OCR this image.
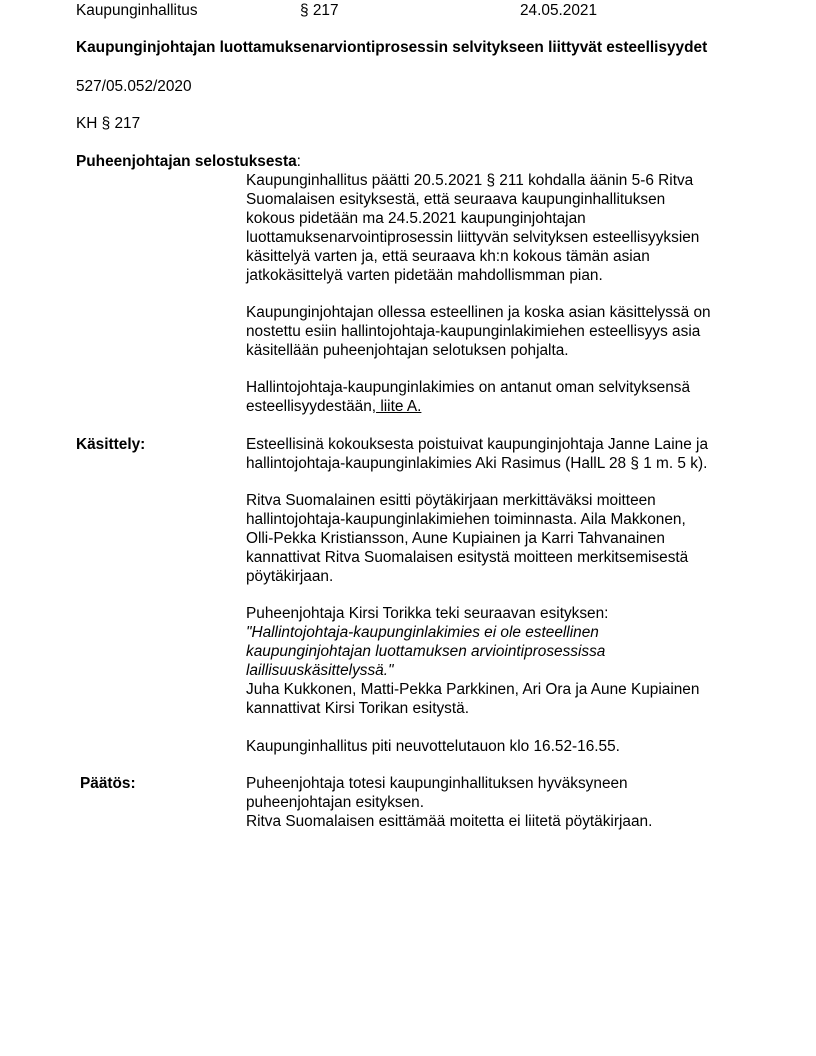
Kaupunginhallitus	§ 217	24.05.2021
Kaupunginjohtajan luottamuksenarviontiprosessin selvitykseen liittyvät esteellisyydet
527/05.052/2020
KH § 217
Puheenjohtajan selostuksesta:

Kaupunginhallitus päätti 20.5.2021 § 211 kohdalla äänin 5-6 Ritva

Suomalaisen esityksestä, että seuraava kaupunginhallituksen

kokous pidetään ma 24.5.2021 kaupunginjohtajan

luottamuksenarvointiprosessin liittyvän selvityksen esteellisyyksien

käsittelyä varten ja, että seuraava kh:n kokous tämän asian

jatkokäsittelyä varten pidetään mahdollismman pian.

Kaupunginjohtajan ollessa esteellinen ja koska asian käsittelyssä on

nostettu esiin hallintojohtaja-kaupunginlakimiehen esteellisyys asia

käsitellään puheenjohtajan selotuksen pohjalta.

Hallintojohtaja-kaupunginlakimies on antanut oman selvityksensä

esteellisyydestään, liite A.

Käsittely:	Esteellisinä kokouksesta poistuivat kaupunginjohtaja Janne Laine ja

hallintojohtaja-kaupunginlakimies Aki Rasimus (HallL 28 § 1 m. 5 k).

Ritva Suomalainen esitti pöytäkirjaan merkittäväksi moitteen

hallintojohtaja-kaupunginlakimiehen toiminnasta. Aila Makkonen,

Olli-Pekka Kristiansson, Aune Kupiainen ja Karri Tahvanainen

kannattivat Ritva Suomalaisen esitystä moitteen merkitsemisestä

pöytäkirjaan.

Puheenjohtaja Kirsi Torikka teki seuraavan esityksen:

"Hallintojohtaja-kaupunginlakimies ei ole esteellinen

kaupunginjohtajan luottamuksen arviointiprosessissa

laillisuuskäsittelyssä."

Juha Kukkonen, Matti-Pekka Parkkinen, Ari Ora ja Aune Kupiainen

kannattivat Kirsi Torikan esitystä.

Kaupunginhallitus piti neuvottelutauon klo 16.52-16.55.

Päätös:	Puheenjohtaja totesi kaupunginhallituksen hyväksyneen

puheenjohtajan esityksen.

Ritva Suomalaisen esittämää moitetta ei liitetä pöytäkirjaan.
